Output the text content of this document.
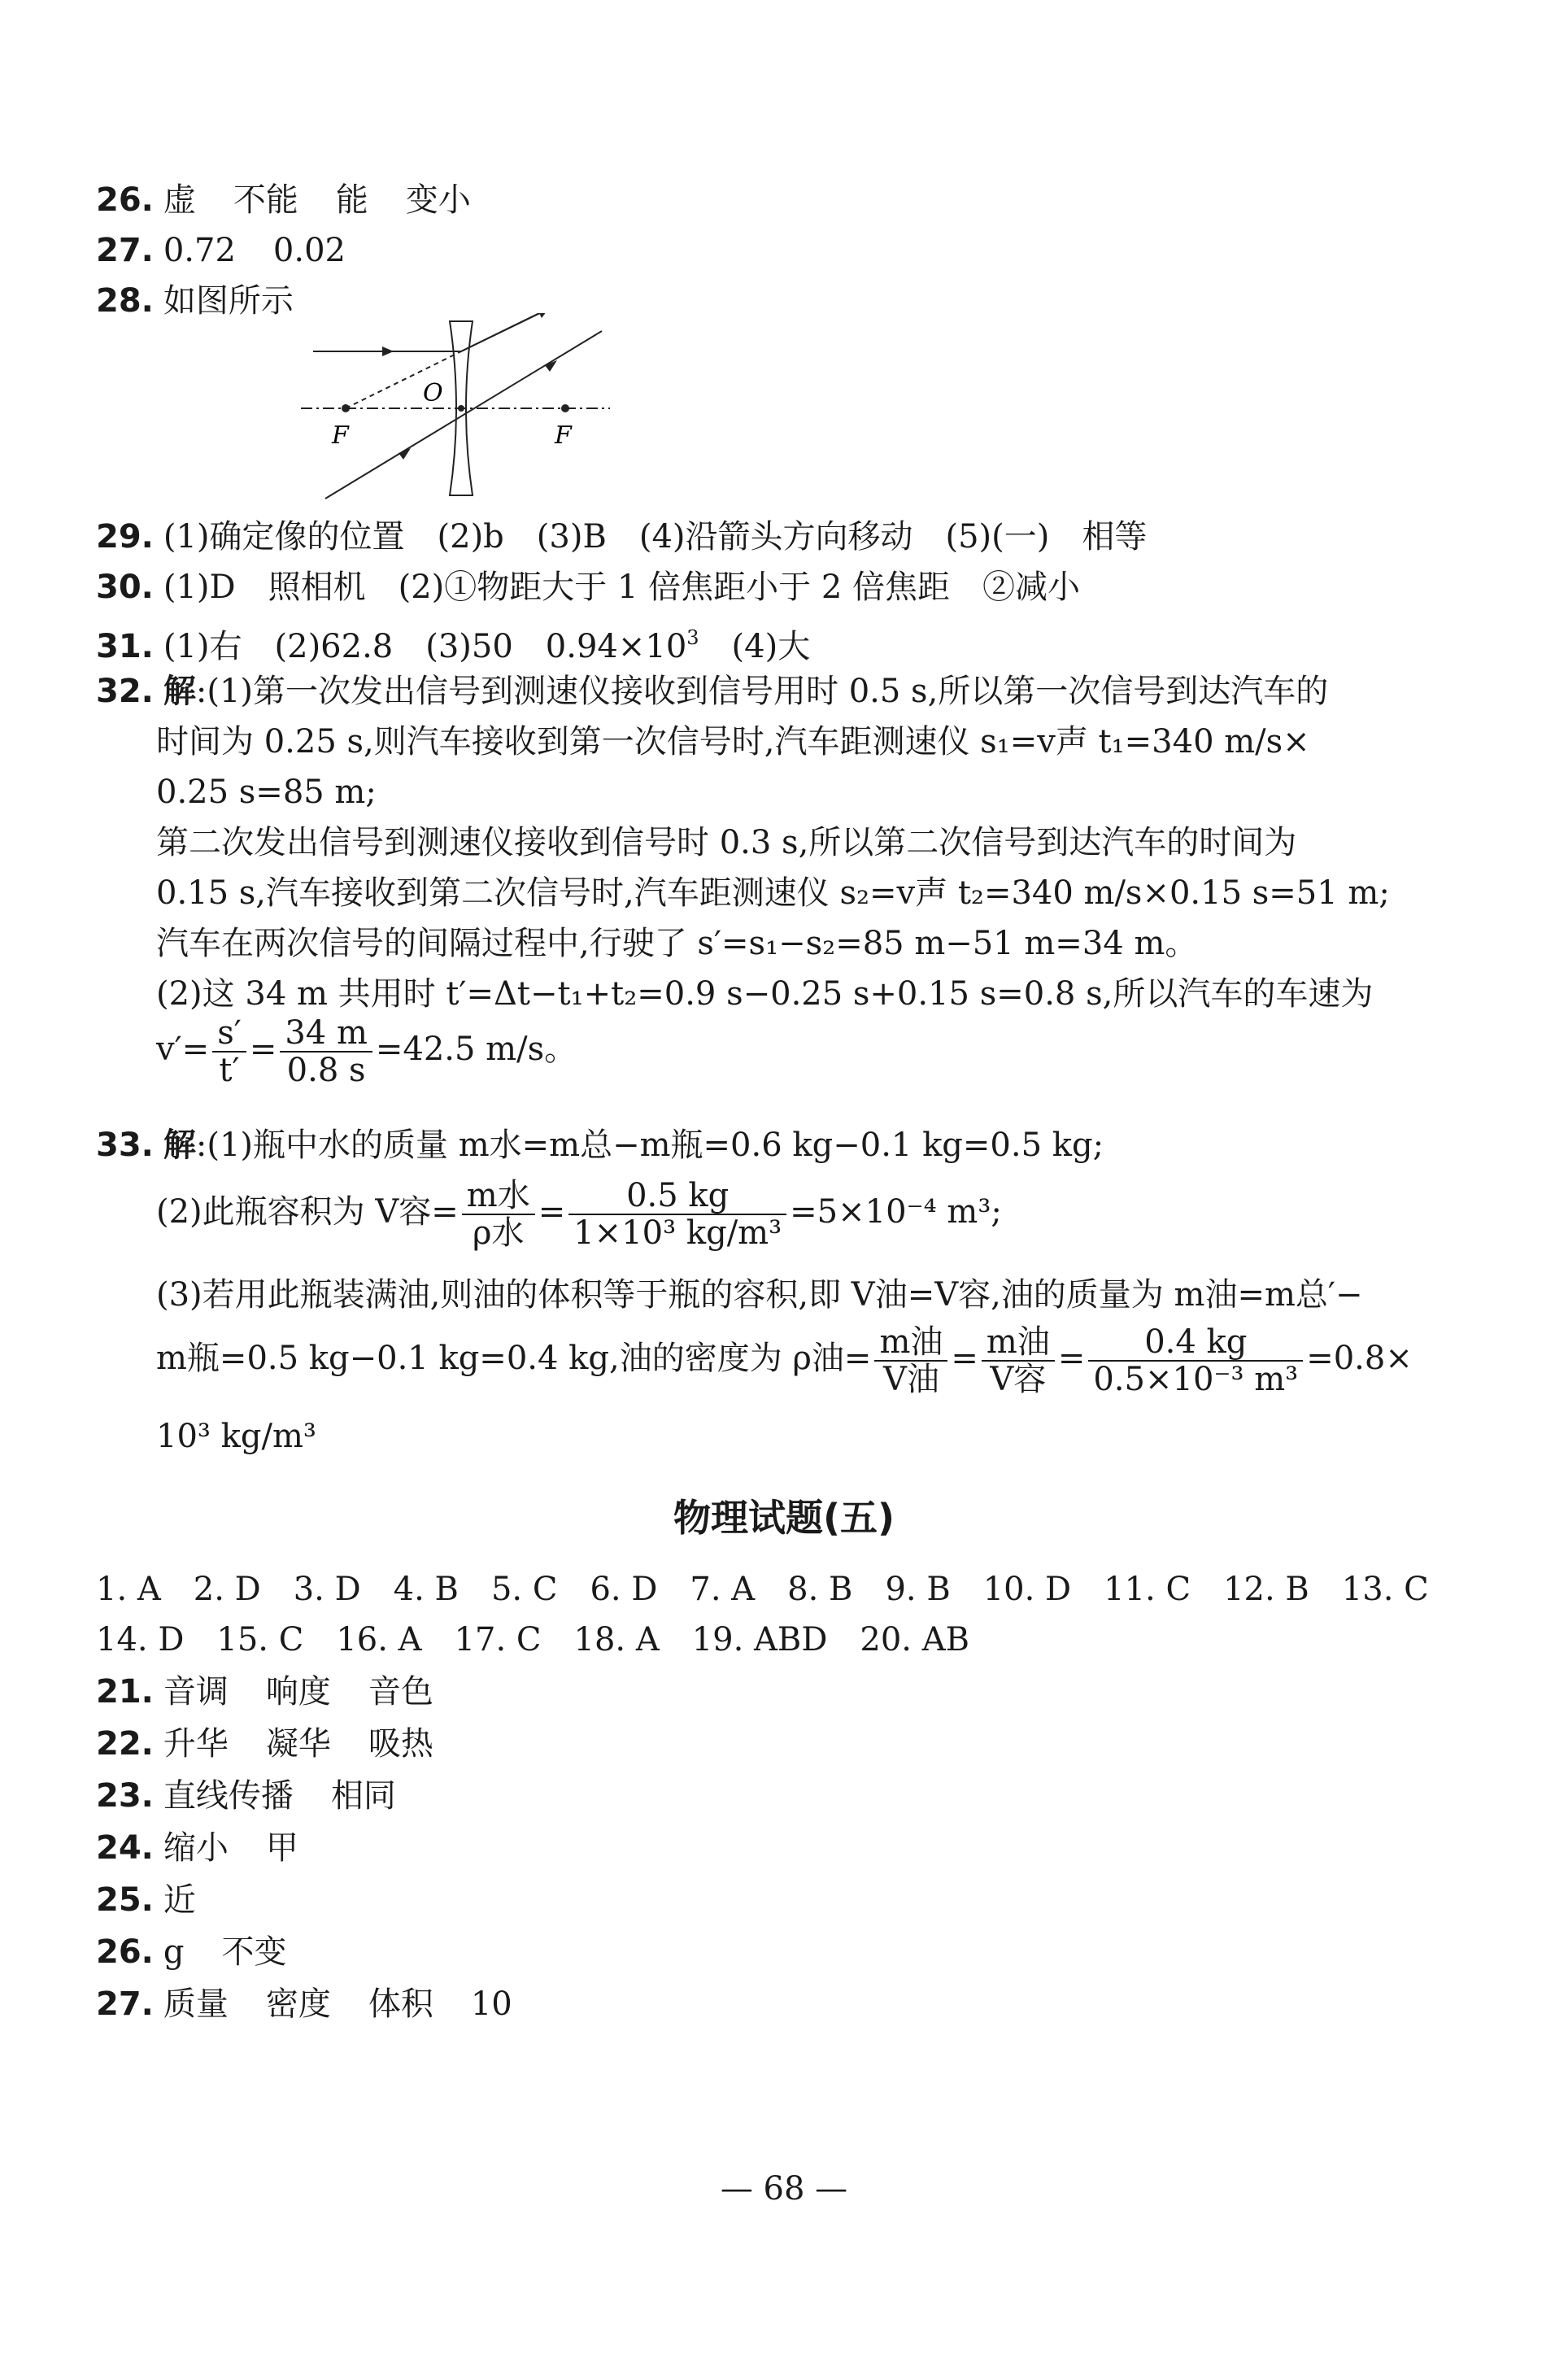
26. 虚 不能 能 变小
27. 0.72 0.02
28. 如图所示
O
F	F
29. (1)确定像的位置　(2)b　(3)B　(4)沿箭头方向移动　(5)(一)　相等
30. (1)D　照相机　(2)①物距大于 1 倍焦距小于 2 倍焦距　②减小
31. (1)右　(2)62.8　(3)50　$0.94\times 10^3$　(4)大
32. 解:(1)第一次发出信号到测速仪接收到信号用时 0.5 s,所以第一次信号到达汽车的
时间为 0.25 s,则汽车接收到第一次信号时,汽车距测速仪 s₁=v声 t₁=340 m/s×
0.25 s=85 m;
第二次发出信号到测速仪接收到信号时 0.3 s,所以第二次信号到达汽车的时间为
0.15 s,汽车接收到第二次信号时,汽车距测速仪 s₂=v声 t₂=340 m/s×0.15 s=51 m;
汽车在两次信号的间隔过程中,行驶了 s′=s₁−s₂=85 m−51 m=34 m。
(2)这 34 m 共用时 t′=Δt−t₁+t₂=0.9 s−0.25 s+0.15 s=0.8 s,所以汽车的车速为
$v'= \frac{s'}{t'} = \frac{34 m}{0.8 s} =42.5$ m/s。
33. 解:(1)瓶中水的质量 m水=m总−m瓶=0.6 kg−0.1 kg=0.5 kg;
(2)此瓶容积为 V容= $\frac{\text{m水}}{\text{ρ水}} = \frac{0.5 kg}{\text{1×10³ kg/m³}} =5\times 10^{-4}$ m³;
(3)若用此瓶装满油,则油的体积等于瓶的容积,即 V油=V容,油的质量为 m油=m总′−
m瓶=0.5 kg−0.1 kg=0.4 kg,油的密度为 ρ油= $\frac{\text{m油}}{\text{V油}} = \frac{\text{m油}}{\text{V容}} = \frac{0.4 kg}{\text{0.5×10⁻³ m³}} =0.8\times$
10³ kg/m³
物理试题(五)
1. A 2. D 3. D 4. B 5. C 6. D 7. A 8. B 9. B 10. D 11. C 12. B 13. C
14. D 15. C 16. A 17. C 18. A 19. ABD 20. AB
21. 音调 响度 音色
22. 升华 凝华 吸热
23. 直线传播 相同
24. 缩小 甲
25. 近
26. g 不变
27. 质量 密度 体积 10
— 68 —
